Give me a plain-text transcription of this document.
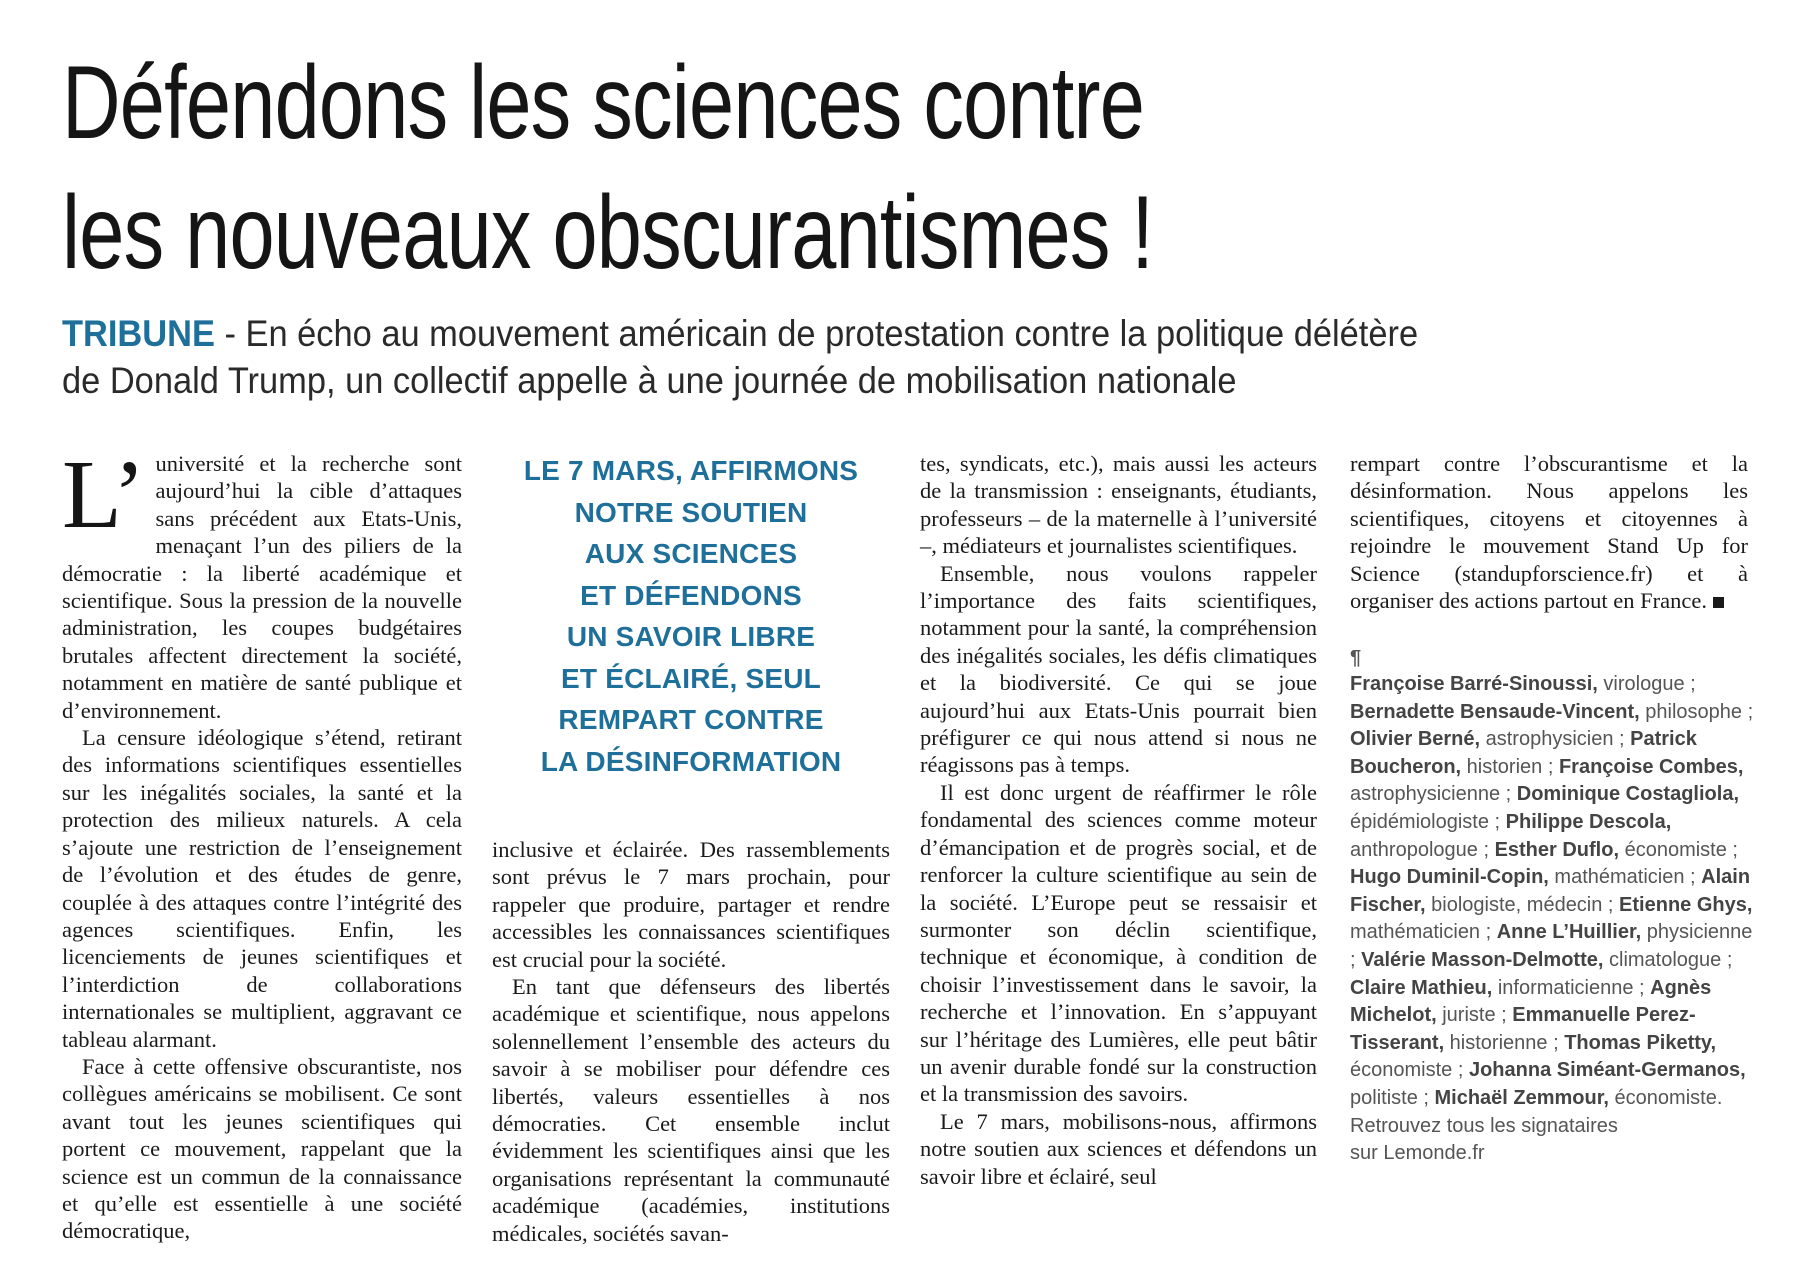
Défendons les sciences contre
les nouveaux obscurantismes !

TRIBUNE - En écho au mouvement américain de protestation contre la politique délétère
de Donald Trump, un collectif appelle à une journée de mobilisation nationale

L’ université et la recherche sont aujourd’hui la cible d’attaques sans précédent aux Etats-Unis, menaçant l’un des piliers de la démocratie : la liberté académique et scientifique. Sous la pression de la nouvelle administration, les coupes budgétaires brutales affectent directement la société, notamment en matière de santé publique et d’environnement.

La censure idéologique s’étend, retirant des informations scientifiques essentielles sur les inégalités sociales, la santé et la protection des milieux naturels. A cela s’ajoute une restriction de l’enseignement de l’évolution et des études de genre, couplée à des attaques contre l’intégrité des agences scientifiques. Enfin, les licenciements de jeunes scientifiques et l’interdiction de collaborations internationales se multiplient, aggravant ce tableau alarmant.

Face à cette offensive obscurantiste, nos collègues américains se mobilisent. Ce sont avant tout les jeunes scientifiques qui portent ce mouvement, rappelant que la science est un commun de la connaissance et qu’elle est essentielle à une société démocratique,

LE 7 MARS, AFFIRMONS
NOTRE SOUTIEN
AUX SCIENCES
ET DÉFENDONS
UN SAVOIR LIBRE
ET ÉCLAIRÉ, SEUL
REMPART CONTRE
LA DÉSINFORMATION

inclusive et éclairée. Des rassemblements sont prévus le 7 mars prochain, pour rappeler que produire, partager et rendre accessibles les connaissances scientifiques est crucial pour la société.

En tant que défenseurs des libertés académique et scientifique, nous appelons solennellement l’ensemble des acteurs du savoir à se mobiliser pour défendre ces libertés, valeurs essentielles à nos démocraties. Cet ensemble inclut évidemment les scientifiques ainsi que les organisations représentant la communauté académique (académies, institutions médicales, sociétés savan-

tes, syndicats, etc.), mais aussi les acteurs de la transmission : enseignants, étudiants, professeurs – de la maternelle à l’université –, médiateurs et journalistes scientifiques.

Ensemble, nous voulons rappeler l’importance des faits scientifiques, notamment pour la santé, la compréhension des inégalités sociales, les défis climatiques et la biodiversité. Ce qui se joue aujourd’hui aux Etats-Unis pourrait bien préfigurer ce qui nous attend si nous ne réagissons pas à temps.

Il est donc urgent de réaffirmer le rôle fondamental des sciences comme moteur d’émancipation et de progrès social, et de renforcer la culture scientifique au sein de la société. L’Europe peut se ressaisir et surmonter son déclin scientifique, technique et économique, à condition de choisir l’investissement dans le savoir, la recherche et l’innovation. En s’appuyant sur l’héritage des Lumières, elle peut bâtir un avenir durable fondé sur la construction et la transmission des savoirs.

Le 7 mars, mobilisons-nous, affirmons notre soutien aux sciences et défendons un savoir libre et éclairé, seul

rempart contre l’obscurantisme et la désinformation. Nous appelons les scientifiques, citoyens et citoyennes à rejoindre le mouvement Stand Up for Science (standupforscience.fr) et à organiser des actions partout en France.

¶
Françoise Barré-Sinoussi, virologue ; Bernadette Bensaude-Vincent, philosophe ; Olivier Berné, astrophysicien ; Patrick Boucheron, historien ; Françoise Combes, astrophysicienne ; Dominique Costagliola, épidémiologiste ; Philippe Descola, anthropologue ; Esther Duflo, économiste ; Hugo Duminil-Copin, mathématicien ; Alain Fischer, biologiste, médecin ; Etienne Ghys, mathématicien ; Anne L’Huillier, physicienne ; Valérie Masson-Delmotte, climatologue ; Claire Mathieu, informaticienne ; Agnès Michelot, juriste ; Emmanuelle Perez-Tisserant, historienne ; Thomas Piketty, économiste ; Johanna Siméant-Germanos, politiste ; Michaël Zemmour, économiste.
Retrouvez tous les signataires
sur Lemonde.fr
